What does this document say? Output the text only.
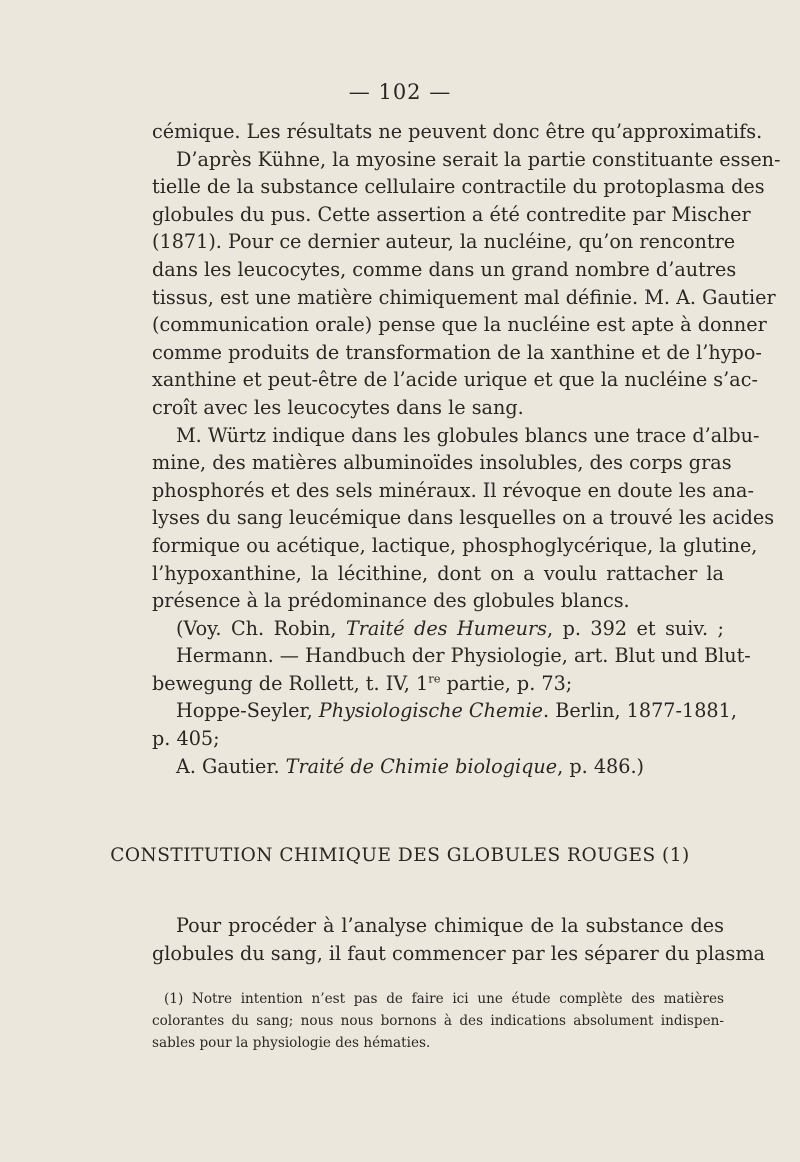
— 102 —
cémique. Les résultats ne peuvent donc être qu’approximatifs.
D’après Kühne, la myosine serait la partie constituante essen-
tielle de la substance cellulaire contractile du protoplasma des
globules du pus. Cette assertion a été contredite par Mischer
(1871). Pour ce dernier auteur, la nucléine, qu’on rencontre
dans les leucocytes, comme dans un grand nombre d’autres
tissus, est une matière chimiquement mal définie. M. A. Gautier
(communication orale) pense que la nucléine est apte à donner
comme produits de transformation de la xanthine et de l’hypo-
xanthine et peut-être de l’acide urique et que la nucléine s’ac-
croît avec les leucocytes dans le sang.
M. Würtz indique dans les globules blancs une trace d’albu-
mine, des matières albuminoïdes insolubles, des corps gras
phosphorés et des sels minéraux. Il révoque en doute les ana-
lyses du sang leucémique dans lesquelles on a trouvé les acides
formique ou acétique, lactique, phosphoglycérique, la glutine,
l’hypoxanthine, la lécithine, dont on a voulu rattacher la
présence à la prédominance des globules blancs.
(Voy. Ch. Robin, Traité des Humeurs, p. 392 et suiv. ;
Hermann. — Handbuch der Physiologie, art. Blut und Blut-
bewegung de Rollett, t. IV, 1re partie, p. 73;
Hoppe-Seyler, Physiologische Chemie. Berlin, 1877-1881,
p. 405;
A. Gautier. Traité de Chimie biologique, p. 486.)
CONSTITUTION CHIMIQUE DES GLOBULES ROUGES (1)
Pour procéder à l’analyse chimique de la substance des
globules du sang, il faut commencer par les séparer du plasma
(1) Notre intention n’est pas de faire ici une étude complète des matières
colorantes du sang; nous nous bornons à des indications absolument indispen-
sables pour la physiologie des hématies.
